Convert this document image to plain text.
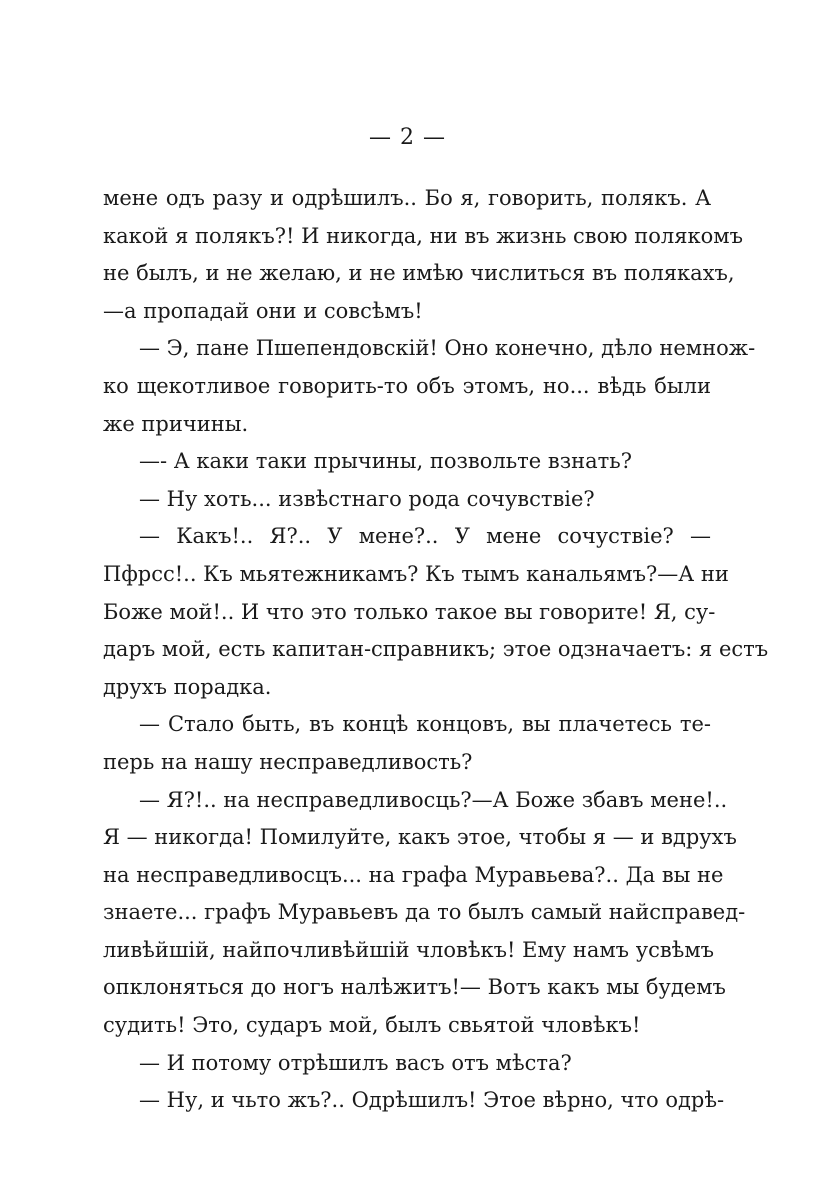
— 2 —
мене одъ разу и одрѣшилъ.. Бо я, говорить, полякъ. А
какой я полякъ?! И никогда, ни въ жизнь свою полякомъ
не былъ, и не желаю, и не имѣю числиться въ полякахъ,
—а пропадай они и совсѣмъ!
— Э, пане Пшепендовскій! Оно конечно, дѣло немнож-
ко щекотливое говорить-то объ этомъ, но... вѣдь были
же причины.
—- А каки таки прычины, позвольте взнать?
— Ну хоть... извѣстнаго рода сочувствіе?
— Какъ!.. Я?.. У мене?.. У мене сочуствіе? —
Пфрсс!.. Къ мьятежникамъ? Къ тымъ канальямъ?—А ни
Боже мой!.. И что это только такое вы говорите! Я, су-
даръ мой, есть капитан-справникъ; этое одзначаетъ: я естъ
друхъ порадка.
— Стало быть, въ концѣ концовъ, вы плачетесь те-
перь на нашу несправедливость?
— Я?!.. на несправедливосць?—А Боже збавъ мене!..
Я — никогда! Помилуйте, какъ этое, чтобы я — и вдрухъ
на несправедливосцъ... на графа Муравьева?.. Да вы не
знаете... графъ Муравьевъ да то былъ самый найсправед-
ливѣйшій, найпочливѣйшій чловѣкъ! Ему намъ усвѣмъ
опклоняться до ногъ налѣжитъ!— Вотъ какъ мы будемъ
судить! Это, сударъ мой, былъ свьятой чловѣкъ!
— И потому отрѣшилъ васъ отъ мѣста?
— Ну, и чьто жъ?.. Одрѣшилъ! Этое вѣрно, что одрѣ-
